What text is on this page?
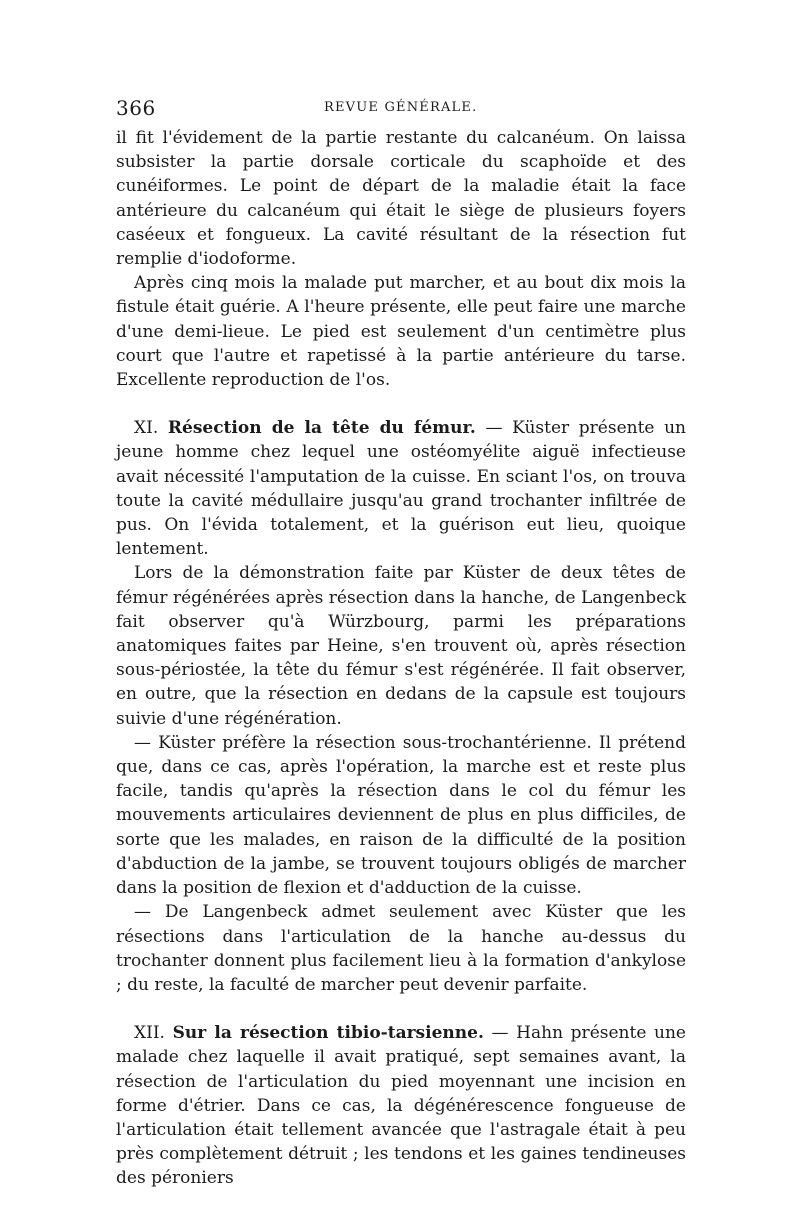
366	REVUE GÉNÉRALE.

il fit l'évidement de la partie restante du calcanéum. On laissa subsister la partie dorsale corticale du scaphoïde et des cunéiformes. Le point de départ de la maladie était la face antérieure du calcanéum qui était le siège de plusieurs foyers caséeux et fongueux. La cavité résultant de la résection fut remplie d'iodoforme.

Après cinq mois la malade put marcher, et au bout dix mois la fistule était guérie. A l'heure présente, elle peut faire une marche d'une demi-lieue. Le pied est seulement d'un centimètre plus court que l'autre et rapetissé à la partie antérieure du tarse. Excellente reproduction de l'os.

XI. Résection de la tête du fémur. — Küster présente un jeune homme chez lequel une ostéomyélite aiguë infectieuse avait nécessité l'amputation de la cuisse. En sciant l'os, on trouva toute la cavité médullaire jusqu'au grand trochanter infiltrée de pus. On l'évida totalement, et la guérison eut lieu, quoique lentement.

Lors de la démonstration faite par Küster de deux têtes de fémur régénérées après résection dans la hanche, de Langenbeck fait observer qu'à Würzbourg, parmi les préparations anatomiques faites par Heine, s'en trouvent où, après résection sous-périostée, la tête du fémur s'est régénérée. Il fait observer, en outre, que la résection en dedans de la capsule est toujours suivie d'une régénération.

— Küster préfère la résection sous-trochantérienne. Il prétend que, dans ce cas, après l'opération, la marche est et reste plus facile, tandis qu'après la résection dans le col du fémur les mouvements articulaires deviennent de plus en plus difficiles, de sorte que les malades, en raison de la difficulté de la position d'abduction de la jambe, se trouvent toujours obligés de marcher dans la position de flexion et d'adduction de la cuisse.

— De Langenbeck admet seulement avec Küster que les résections dans l'articulation de la hanche au-dessus du trochanter donnent plus facilement lieu à la formation d'ankylose ; du reste, la faculté de marcher peut devenir parfaite.

XII. Sur la résection tibio-tarsienne. — Hahn présente une malade chez laquelle il avait pratiqué, sept semaines avant, la résection de l'articulation du pied moyennant une incision en forme d'étrier. Dans ce cas, la dégénérescence fongueuse de l'articulation était tellement avancée que l'astragale était à peu près complètement détruit ; les tendons et les gaines tendineuses des péroniers
